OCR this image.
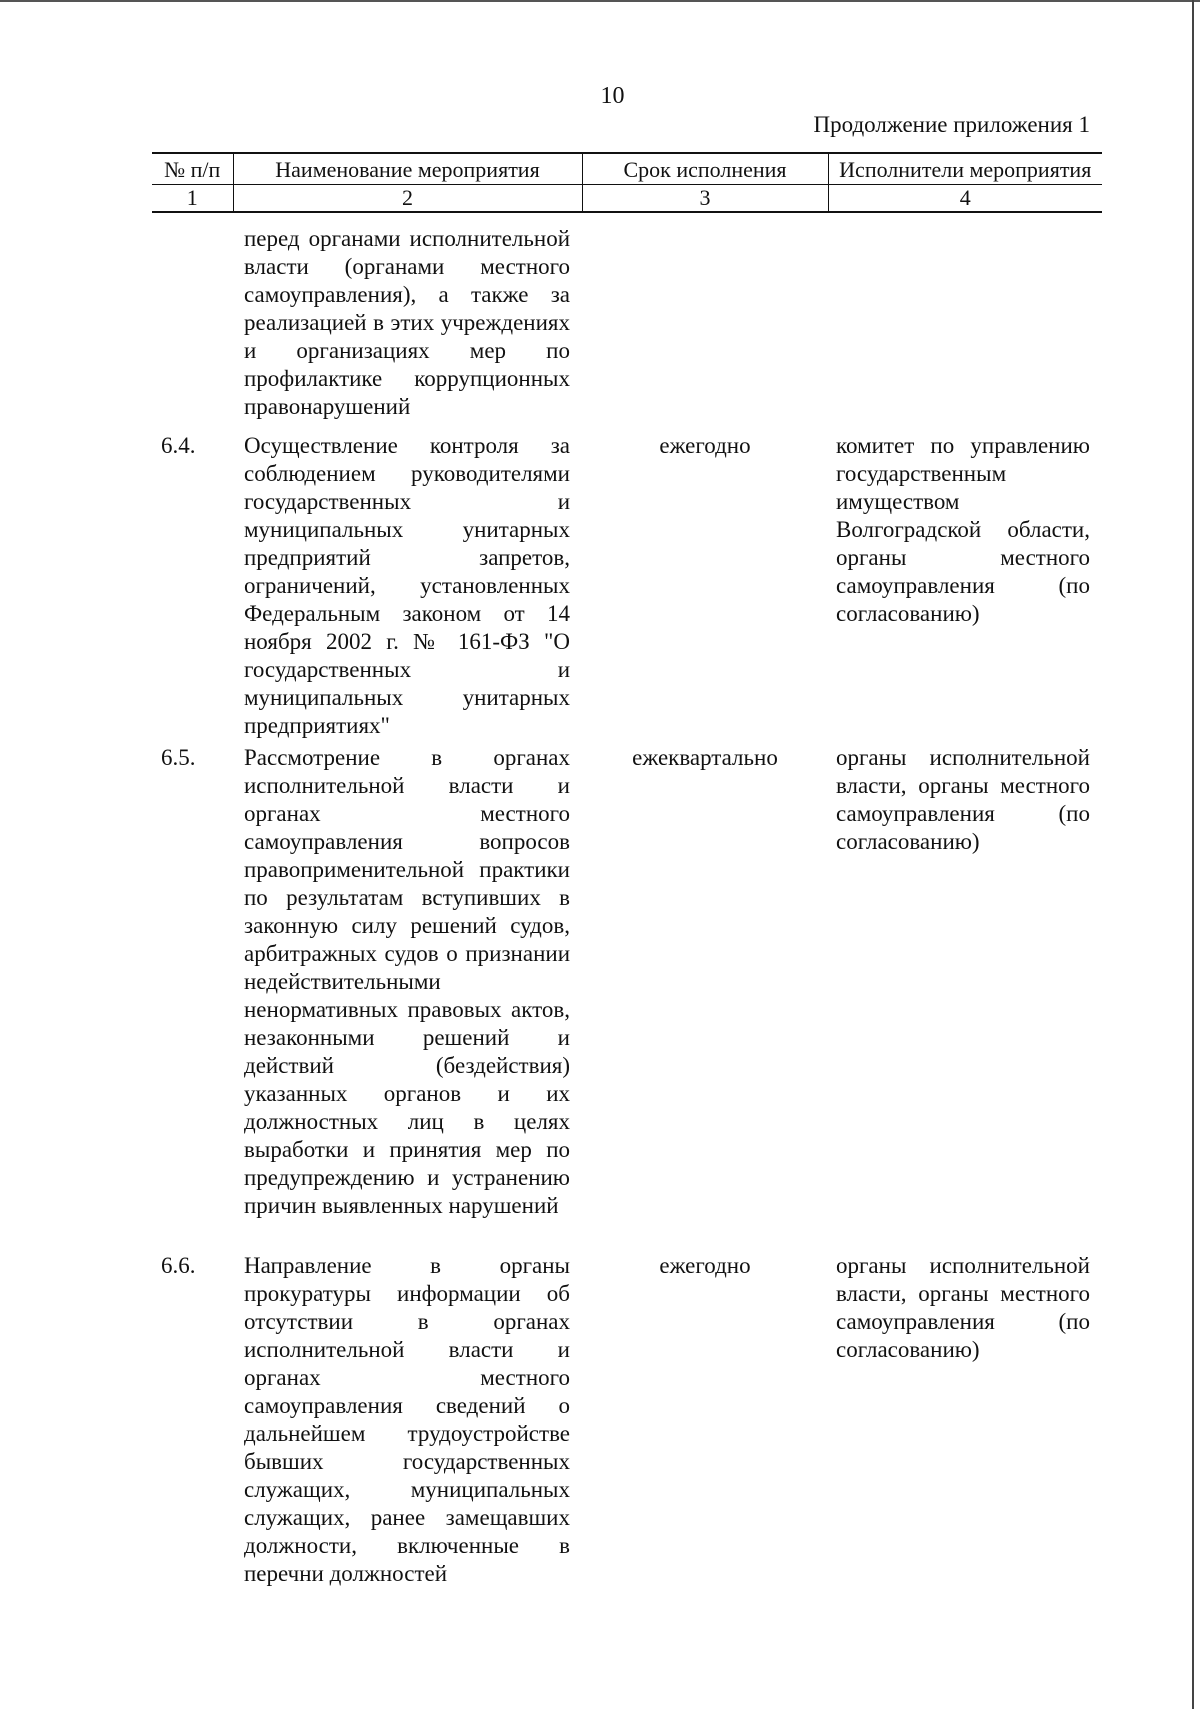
10
Продолжение приложения 1
№ п/п	Наименование мероприятия	Срок исполнения	Исполнители мероприятия
1	2	3	4

	перед органами исполнительной власти (органами местного самоуправления), а также за реализацией в этих учреждениях и организациях мер по профилактике коррупционных правонарушений		

6.4.	Осуществление контроля за соблюдением руководителями государственных и муниципальных унитарных предприятий запретов, ограничений, установленных Федеральным законом от 14 ноября 2002 г. № 161-ФЗ "О государственных и муниципальных унитарных предприятиях"	ежегодно	комитет по управлению государственным имуществом Волгоградской области, органы местного самоуправления (по согласованию)

6.5.	Рассмотрение в органах исполнительной власти и органах местного самоуправления вопросов правоприменительной практики по результатам вступивших в законную силу решений судов, арбитражных судов о признании недействительными ненормативных правовых актов, незаконными решений и действий (бездействия) указанных органов и их должностных лиц в целях выработки и принятия мер по предупреждению и устранению причин выявленных нарушений	ежеквартально	органы исполнительной власти, органы местного самоуправления (по согласованию)

6.6.	Направление в органы прокуратуры информации об отсутствии в органах исполнительной власти и органах местного самоуправления сведений о дальнейшем трудоустройстве бывших государственных служащих, муниципальных служащих, ранее замещавших должности, включенные в перечни должностей	ежегодно	органы исполнительной власти, органы местного самоуправления (по согласованию)
